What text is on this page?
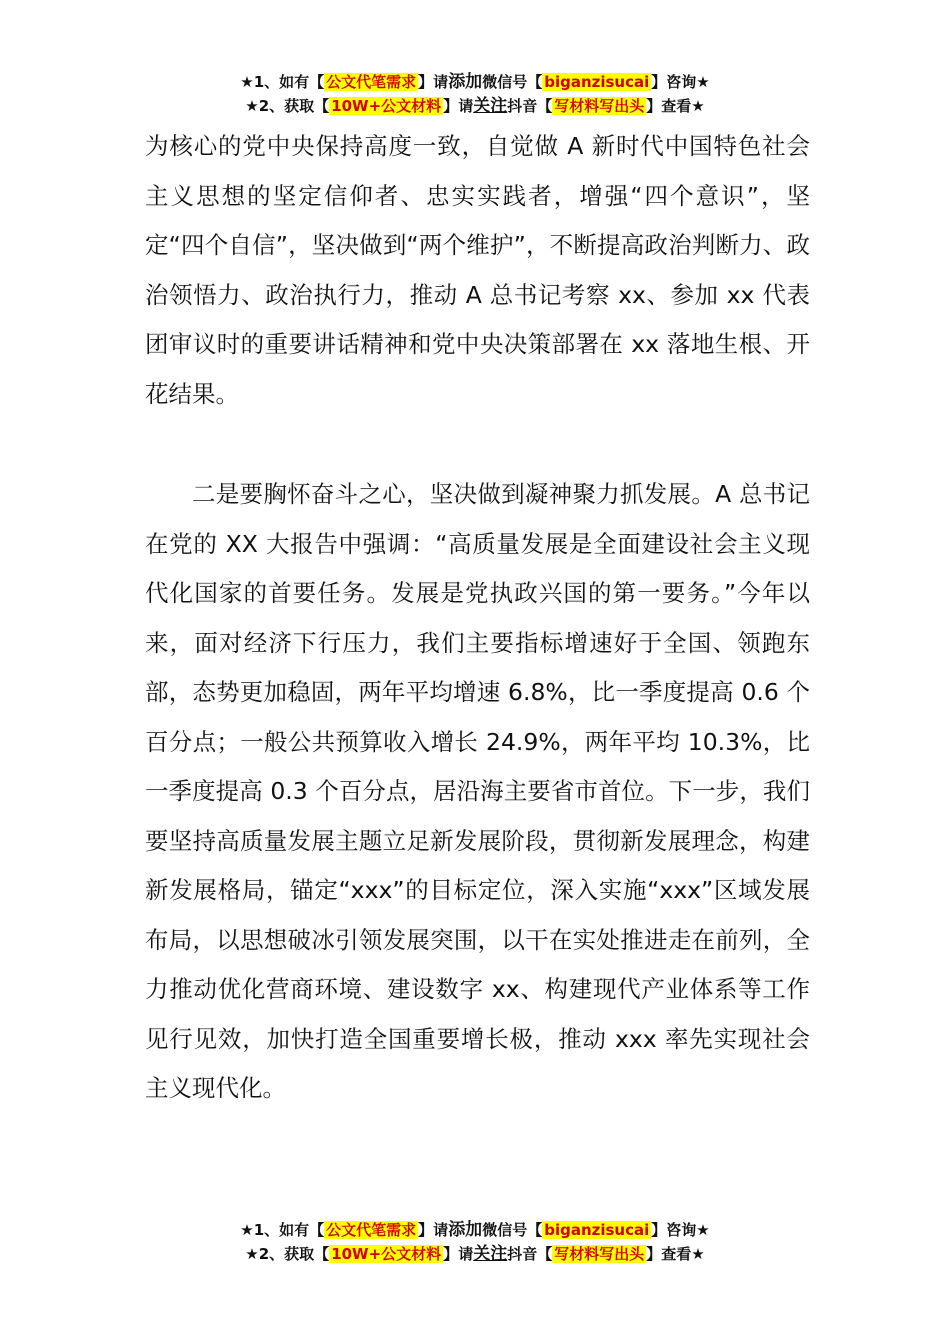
★1、如有【 公文代笔需求 】请添加微信号【 biganzisucai 】咨询★
★2、获取【 10W+公文材料 】请关注抖音【 写材料写出头 】查看★

为核心的党中央保持高度一致，自觉做 A 新时代中国特色社会主义思想的坚定信仰者、忠实实践者，增强“四个意识”，坚定“四个自信”，坚决做到“两个维护”，不断提高政治判断力、政治领悟力、政治执行力，推动 A 总书记考察 xx、参加 xx 代表团审议时的重要讲话精神和党中央决策部署在 xx 落地生根、开花结果。

二是要胸怀奋斗之心，坚决做到凝神聚力抓发展。A 总书记在党的 XX 大报告中强调：“高质量发展是全面建设社会主义现代化国家的首要任务。发展是党执政兴国的第一要务。”今年以来，面对经济下行压力，我们主要指标增速好于全国、领跑东部，态势更加稳固，两年平均增速 6.8%，比一季度提高 0.6 个百分点；一般公共预算收入增长 24.9%，两年平均 10.3%，比一季度提高 0.3 个百分点，居沿海主要省市首位。下一步，我们要坚持高质量发展主题立足新发展阶段，贯彻新发展理念，构建新发展格局，锚定“xxx”的目标定位，深入实施“xxx”区域发展布局，以思想破冰引领发展突围，以干在实处推进走在前列，全力推动优化营商环境、建设数字 xx、构建现代产业体系等工作见行见效，加快打造全国重要增长极，推动 xxx 率先实现社会主义现代化。

★1、如有【 公文代笔需求 】请添加微信号【 biganzisucai 】咨询★
★2、获取【 10W+公文材料 】请关注抖音【 写材料写出头 】查看★
